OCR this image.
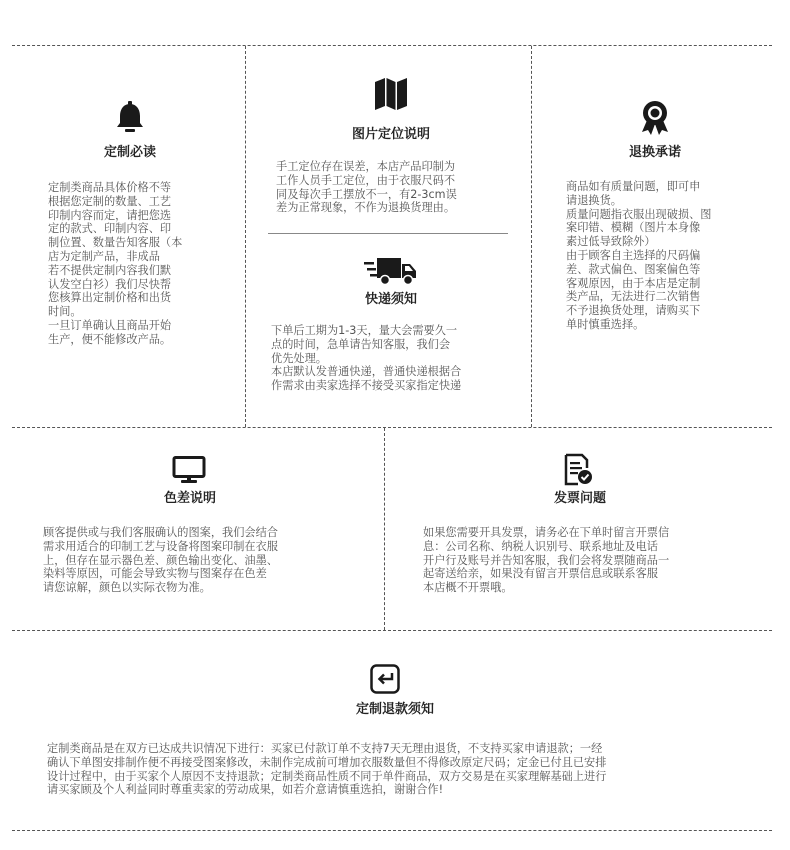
定制必读
定制类商品具体价格不等
根据您定制的数量、工艺
印制内容而定，请把您选
定的款式、印制内容、印
制位置、数量告知客服（本
店为定制产品，非成品
若不提供定制内容我们默
认发空白衫）我们尽快帮
您核算出定制价格和出货
时间。
一旦订单确认且商品开始
生产，便不能修改产品。
图片定位说明
手工定位存在误差，本店产品印制为
工作人员手工定位，由于衣服尺码不
同及每次手工摆放不一，有2-3cm误
差为正常现象，不作为退换货理由。
快递须知
下单后工期为1-3天，量大会需要久一
点的时间，急单请告知客服，我们会
优先处理。
本店默认发普通快递，普通快递根据合
作需求由卖家选择不接受买家指定快递
退换承诺
商品如有质量问题，即可申
请退换货。
质量问题指衣服出现破损、图
案印错、模糊（图片本身像
素过低导致除外）
由于顾客自主选择的尺码偏
差、款式偏色、图案偏色等
客观原因，由于本店是定制
类产品，无法进行二次销售
不予退换货处理，请购买下
单时慎重选择。
色差说明
顾客提供或与我们客服确认的图案，我们会结合
需求用适合的印制工艺与设备将图案印制在衣服
上，但存在显示器色差、颜色输出变化、油墨、
染料等原因，可能会导致实物与图案存在色差
请您谅解，颜色以实际衣物为准。
发票问题
如果您需要开具发票，请务必在下单时留言开票信
息：公司名称、纳税人识别号、联系地址及电话
开户行及账号并告知客服，我们会将发票随商品一
起寄送给亲，如果没有留言开票信息或联系客服
本店概不开票哦。
定制退款须知
定制类商品是在双方已达成共识情况下进行：买家已付款订单不支持7天无理由退货，不支持买家申请退款；一经
确认下单图安排制作便不再接受图案修改，未制作完成前可增加衣服数量但不得修改原定尺码；定金已付且已安排
设计过程中，由于买家个人原因不支持退款；定制类商品性质不同于单件商品，双方交易是在买家理解基础上进行
请买家顾及个人利益同时尊重卖家的劳动成果，如若介意请慎重选拍，谢谢合作!
